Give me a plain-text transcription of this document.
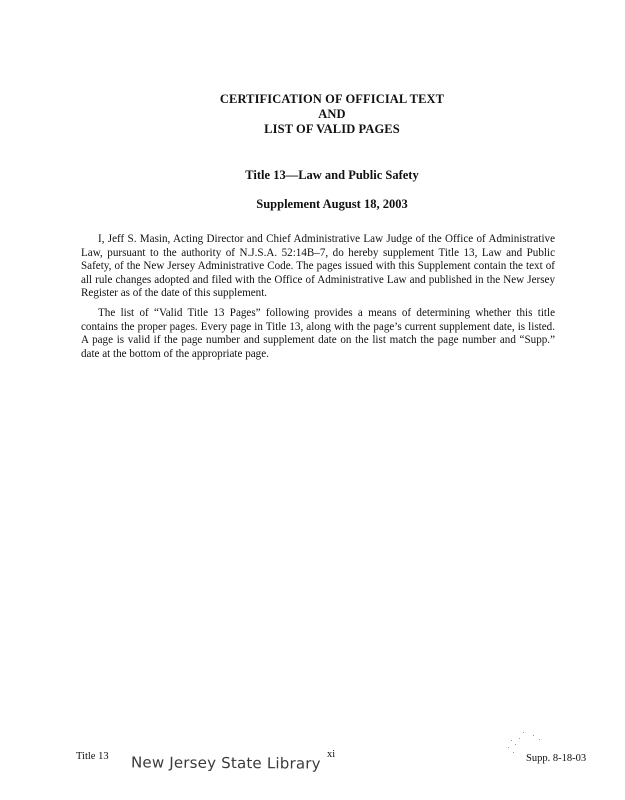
CERTIFICATION OF OFFICIAL TEXT
AND
LIST OF VALID PAGES
Title 13—Law and Public Safety
Supplement August 18, 2003

I, Jeff S. Masin, Acting Director and Chief Administrative Law Judge of the Office of Administrative Law, pursuant to the authority of N.J.S.A. 52:14B–7, do hereby supplement Title 13, Law and Public Safety, of the New Jersey Administrative Code. The pages issued with this Supplement contain the text of all rule changes adopted and filed with the Office of Administrative Law and published in the New Jersey Register as of the date of this supplement.

The list of “Valid Title 13 Pages” following provides a means of determining whether this title contains the proper pages. Every page in Title 13, along with the page’s current supplement date, is listed. A page is valid if the page number and supplement date on the list match the page number and “Supp.” date at the bottom of the appropriate page.

Title 13 New Jersey State Library xi	Supp. 8-18-03
